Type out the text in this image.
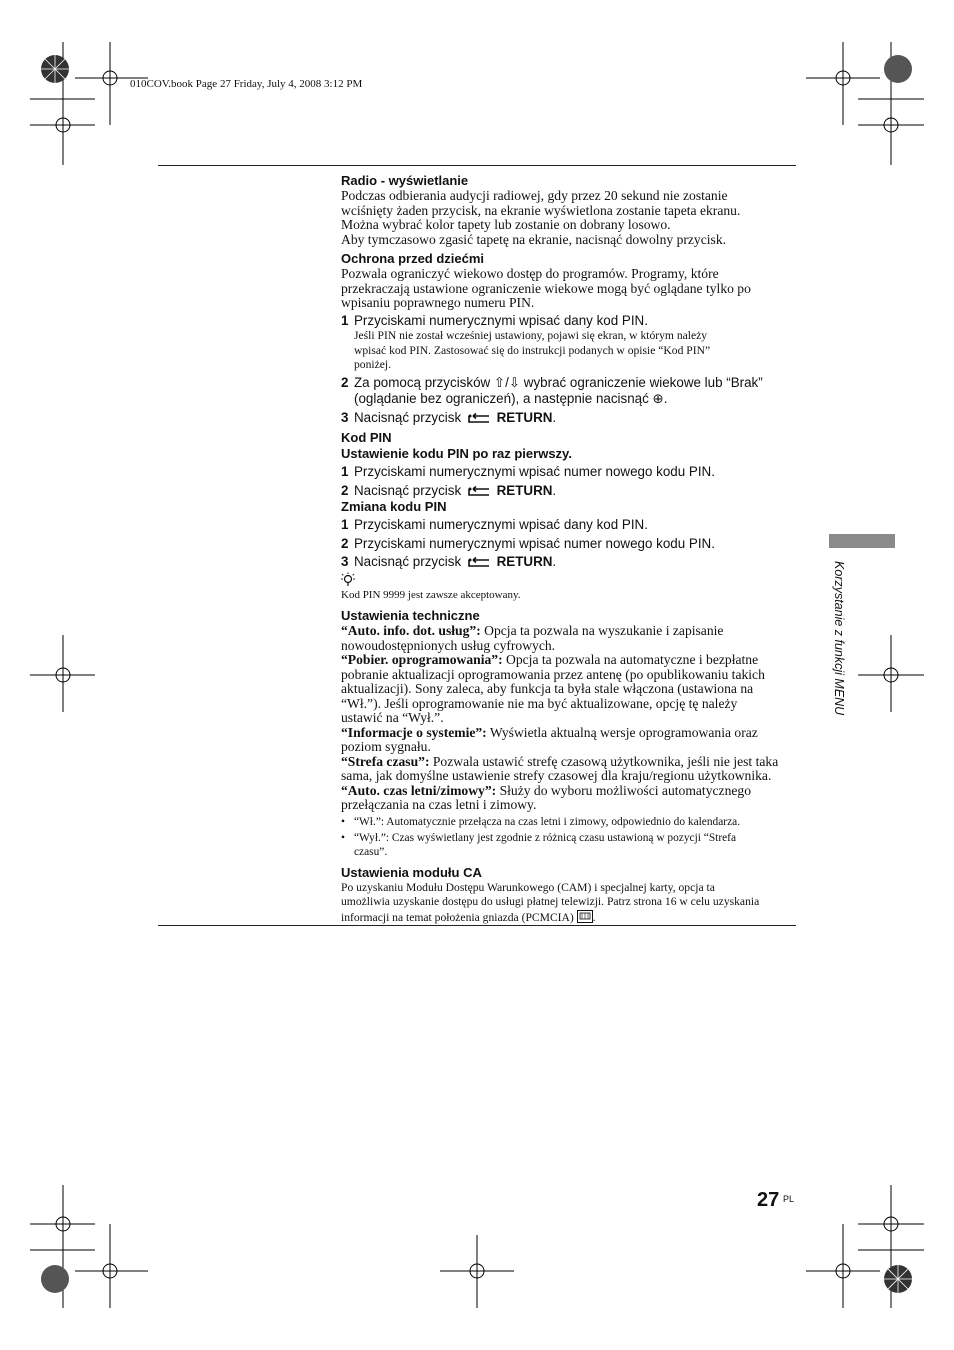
010COV.book Page 27 Friday, July 4, 2008 3:12 PM
Radio - wyświetlanie
Podczas odbierania audycji radiowej, gdy przez 20 sekund nie zostanie
wciśnięty żaden przycisk, na ekranie wyświetlona zostanie tapeta ekranu.
Można wybrać kolor tapety lub zostanie on dobrany losowo.
Aby tymczasowo zgasić tapetę na ekranie, nacisnąć dowolny przycisk.
Ochrona przed dziećmi
Pozwala ograniczyć wiekowo dostęp do programów. Programy, które
przekraczają ustawione ograniczenie wiekowe mogą być oglądane tylko po
wpisaniu poprawnego numeru PIN.
1 Przyciskami numerycznymi wpisać dany kod PIN.
Jeśli PIN nie został wcześniej ustawiony, pojawi się ekran, w którym należy
wpisać kod PIN. Zastosować się do instrukcji podanych w opisie “Kod PIN”
poniżej.
2 Za pomocą przycisków ⇧/⇩ wybrać ograniczenie wiekowe lub “Brak”
(oglądanie bez ograniczeń), a następnie nacisnąć ⊕.
3 Nacisnąć przycisk	RETURN.
Kod PIN
Ustawienie kodu PIN po raz pierwszy.
1 Przyciskami numerycznymi wpisać numer nowego kodu PIN.
2 Nacisnąć przycisk	RETURN.
Zmiana kodu PIN
1 Przyciskami numerycznymi wpisać dany kod PIN.
2 Przyciskami numerycznymi wpisać numer nowego kodu PIN.
3 Nacisnąć przycisk	RETURN.
Kod PIN 9999 jest zawsze akceptowany.
Ustawienia techniczne
“Auto. info. dot. usług”: Opcja ta pozwala na wyszukanie i zapisanie
nowoudostępnionych usług cyfrowych.
“Pobier. oprogramowania”: Opcja ta pozwala na automatyczne i bezpłatne
pobranie aktualizacji oprogramowania przez antenę (po opublikowaniu takich
aktualizacji). Sony zaleca, aby funkcja ta była stale włączona (ustawiona na
“Wł.”). Jeśli oprogramowanie nie ma być aktualizowane, opcję tę należy
ustawić na “Wył.”.
“Informacje o systemie”: Wyświetla aktualną wersje oprogramowania oraz
poziom sygnału.
“Strefa czasu”: Pozwala ustawić strefę czasową użytkownika, jeśli nie jest taka
sama, jak domyślne ustawienie strefy czasowej dla kraju/regionu użytkownika.
“Auto. czas letni/zimowy”: Służy do wyboru możliwości automatycznego
przełączania na czas letni i zimowy.
• “Wł.”: Automatycznie przełącza na czas letni i zimowy, odpowiednio do kalendarza.
• “Wył.”: Czas wyświetlany jest zgodnie z różnicą czasu ustawioną w pozycji “Strefa
czasu”.
Ustawienia modułu CA
Po uzyskaniu Modułu Dostępu Warunkowego (CAM) i specjalnej karty, opcja ta
umożliwia uzyskanie dostępu do usługi płatnej telewizji. Patrz strona 16 w celu uzyskania
informacji na temat położenia gniazda (PCMCIA) .
Korzystanie z funkcji MENU
27 PL
